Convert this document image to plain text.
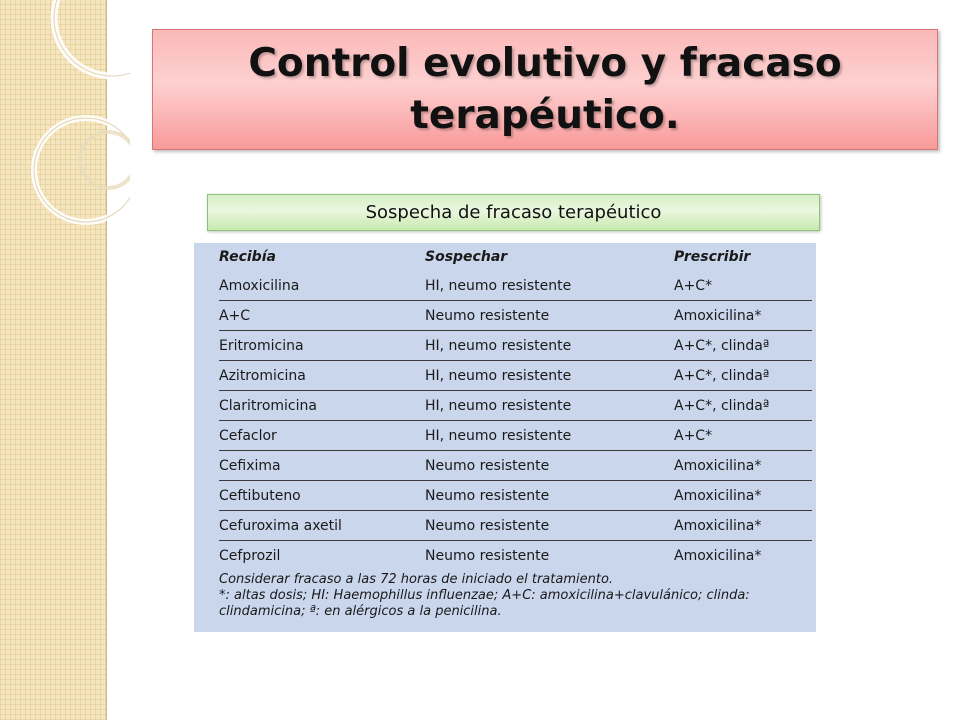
Control evolutivo y fracaso
terapéutico.
Sospecha de fracaso terapéutico
Recibía	Sospechar	Prescribir
Amoxicilina	HI, neumo resistente	A+C*
A+C	Neumo resistente	Amoxicilina*
Eritromicina	HI, neumo resistente	A+C*, clindaª
Azitromicina	HI, neumo resistente	A+C*, clindaª
Claritromicina	HI, neumo resistente	A+C*, clindaª
Cefaclor	HI, neumo resistente	A+C*
Cefixima	Neumo resistente	Amoxicilina*
Ceftibuteno	Neumo resistente	Amoxicilina*
Cefuroxima axetil	Neumo resistente	Amoxicilina*
Cefprozil	Neumo resistente	Amoxicilina*
Considerar fracaso a las 72 horas de iniciado el tratamiento.
*: altas dosis; HI: Haemophillus influenzae; A+C: amoxicilina+clavulánico; clinda:
clindamicina; ª: en alérgicos a la penicilina.
